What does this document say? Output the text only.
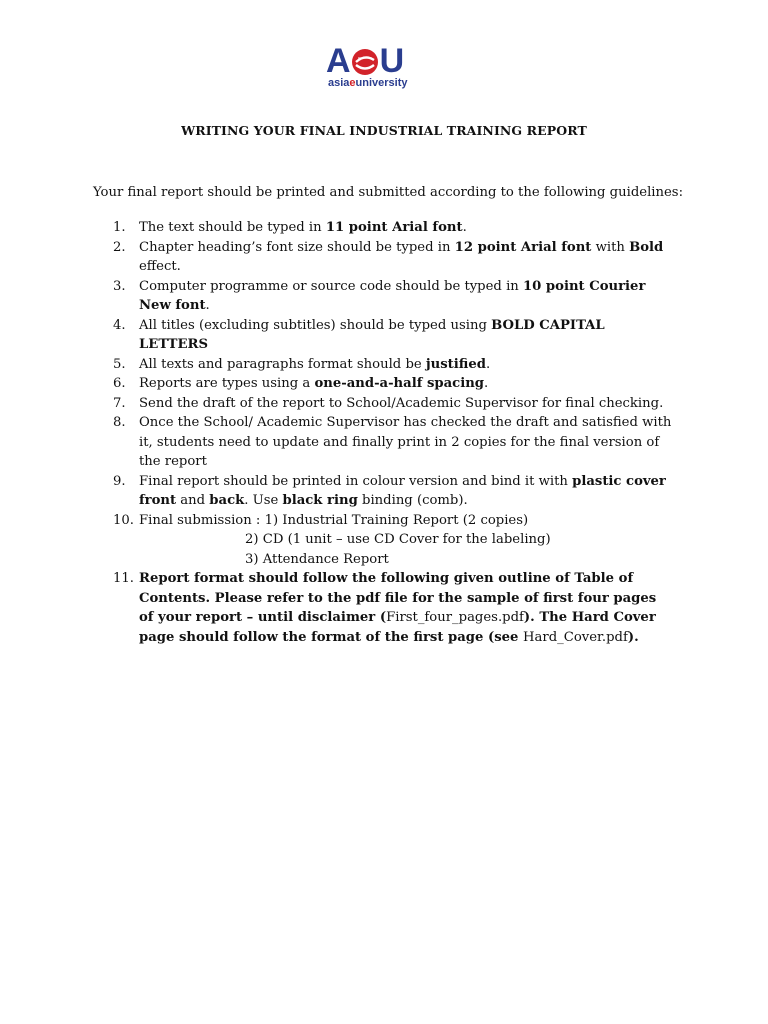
A U
asiaeuniversity
WRITING YOUR FINAL INDUSTRIAL TRAINING REPORT
Your final report should be printed and submitted according to the following guidelines:
1.	The text should be typed in 11 point Arial font.
2.	Chapter heading’s font size should be typed in 12 point Arial font with Bold effect.
3.	Computer programme or source code should be typed in 10 point Courier New font.
4.	All titles (excluding subtitles) should be typed using BOLD CAPITAL LETTERS
5.	All texts and paragraphs format should be justified.
6.	Reports are types using a one-and-a-half spacing.
7.	Send the draft of the report to School/Academic Supervisor for final checking.
8.	Once the School/ Academic Supervisor has checked the draft and satisfied with it, students need to update and finally print in 2 copies for the final version of the report
9.	Final report should be printed in colour version and bind it with plastic cover front and back. Use black ring binding (comb).
10. Final submission : 1) Industrial Training Report (2 copies)
2) CD (1 unit – use CD Cover for the labeling)
3) Attendance Report
11. Report format should follow the following given outline of Table of Contents. Please refer to the pdf file for the sample of first four pages of your report – until disclaimer (First_four_pages.pdf). The Hard Cover page should follow the format of the first page (see Hard_Cover.pdf).
